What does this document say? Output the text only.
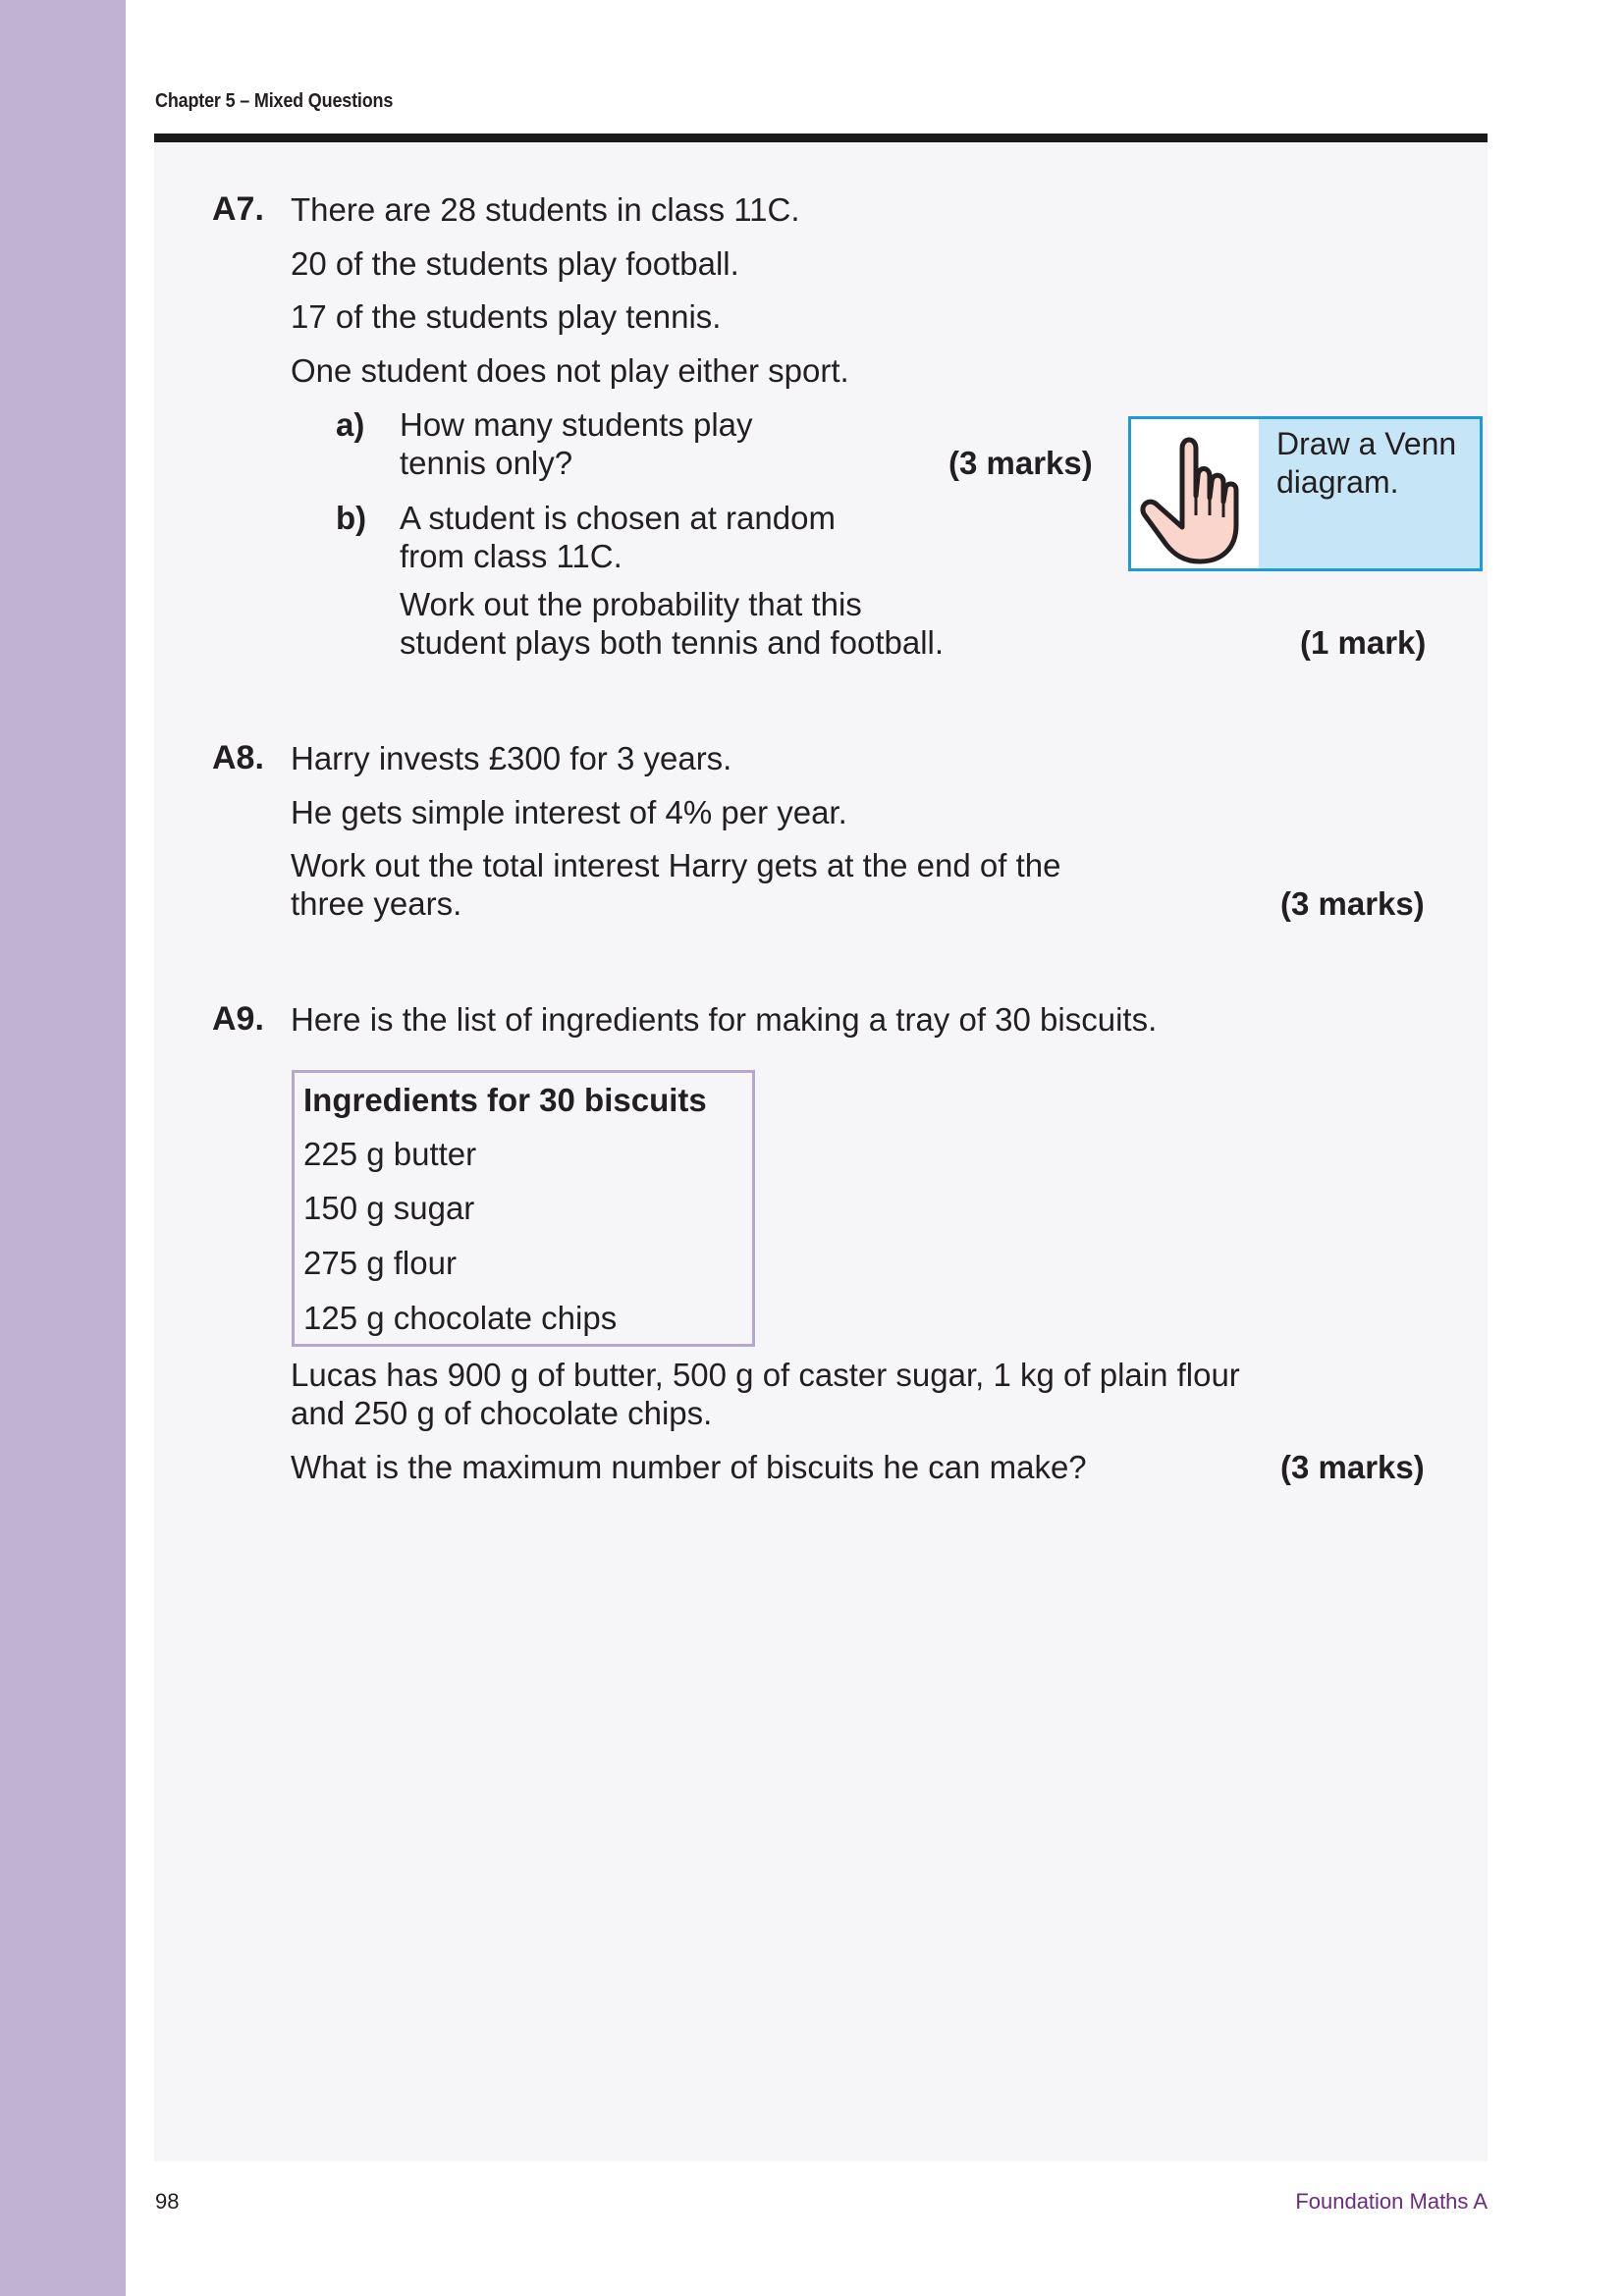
Chapter 5 – Mixed Questions
A7. There are 28 students in class 11C.
20 of the students play football.
17 of the students play tennis.
One student does not play either sport.
a) How many students play
tennis only?	(3 marks)
b) A student is chosen at random
from class 11C.
Work out the probability that this
student plays both tennis and football.	(1 mark)
Draw a Venn
diagram.
A8. Harry invests £300 for 3 years.
He gets simple interest of 4% per year.
Work out the total interest Harry gets at the end of the
three years.	(3 marks)
A9. Here is the list of ingredients for making a tray of 30 biscuits.
Ingredients for 30 biscuits
225 g butter
150 g sugar
275 g flour
125 g chocolate chips
Lucas has 900 g of butter, 500 g of caster sugar, 1 kg of plain flour
and 250 g of chocolate chips.
What is the maximum number of biscuits he can make?	(3 marks)
98	Foundation Maths A
